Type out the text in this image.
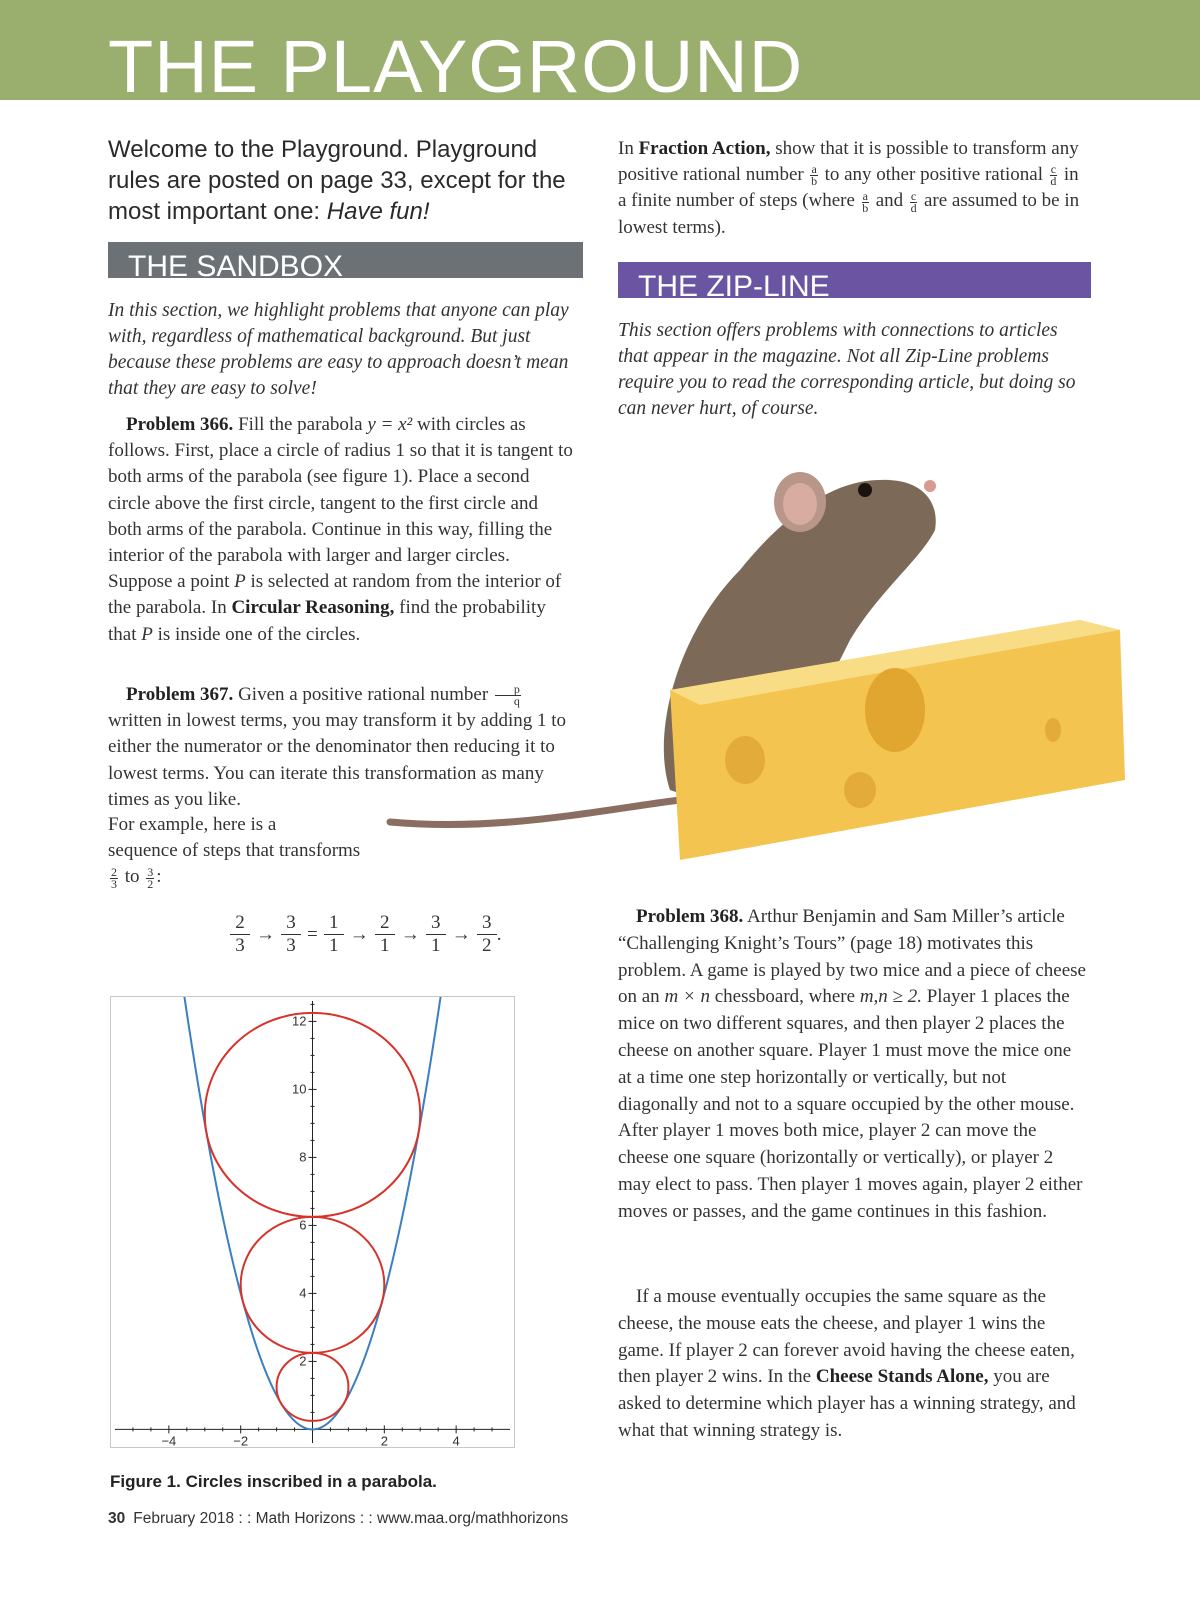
THE PLAYGROUND
Welcome to the Playground. Playground rules are posted on page 33, except for the most important one: Have fun!
THE SANDBOX
In this section, we highlight problems that anyone can play with, regardless of mathematical background. But just because these problems are easy to approach doesn’t mean that they are easy to solve!
Problem 366. Fill the parabola y = x² with circles as follows. First, place a circle of radius 1 so that it is tangent to both arms of the parabola (see figure 1). Place a second circle above the first circle, tangent to the first circle and both arms of the parabola. Continue in this way, filling the interior of the parabola with larger and larger circles. Suppose a point P is selected at random from the interior of the parabola. In Circular Reasoning, find the probability that P is inside one of the circles.
Problem 367. Given a positive rational number $\frac{p}{q}$
written in lowest terms, you may transform it by adding 1 to either the numerator or the denominator then reducing it to lowest terms. You can iterate this transformation as many times as you like.
For example, here is a
sequence of steps that transforms
$\frac{2}{3}$ to $\frac{3}{2}$ :
$\frac{2}{3} \to \frac{3}{3} = \frac{1}{1} \to \frac{2}{1} \to \frac{3}{1} \to \frac{3}{2}$ .
−4	−2	2	4
2
4
6
8
10
12
Figure 1. Circles inscribed in a parabola.
In Fraction Action, show that it is possible to transform any positive rational number $\frac{a}{b}$ to any other positive rational $\frac{c}{d}$ in a finite number of steps (where $\frac{a}{b}$ and $\frac{c}{d}$ are assumed to be in lowest terms).
THE ZIP-LINE
This section offers problems with connections to articles that appear in the magazine. Not all Zip-Line problems require you to read the corresponding article, but doing so can never hurt, of course.
Problem 368. Arthur Benjamin and Sam Miller’s article “Challenging Knight’s Tours” (page 18) motivates this problem. A game is played by two mice and a piece of cheese on an m × n chessboard, where m,n ≥ 2. Player 1 places the mice on two different squares, and then player 2 places the cheese on another square. Player 1 must move the mice one at a time one step horizontally or vertically, but not diagonally and not to a square occupied by the other mouse. After player 1 moves both mice, player 2 can move the cheese one square (horizontally or vertically), or player 2 may elect to pass. Then player 1 moves again, player 2 either moves or passes, and the game continues in this fashion.
If a mouse eventually occupies the same square as the cheese, the mouse eats the cheese, and player 1 wins the game. If player 2 can forever avoid having the cheese eaten, then player 2 wins. In the Cheese Stands Alone, you are asked to determine which player has a winning strategy, and what that winning strategy is.
30 February 2018 : : Math Horizons : : www.maa.org/mathhorizons
